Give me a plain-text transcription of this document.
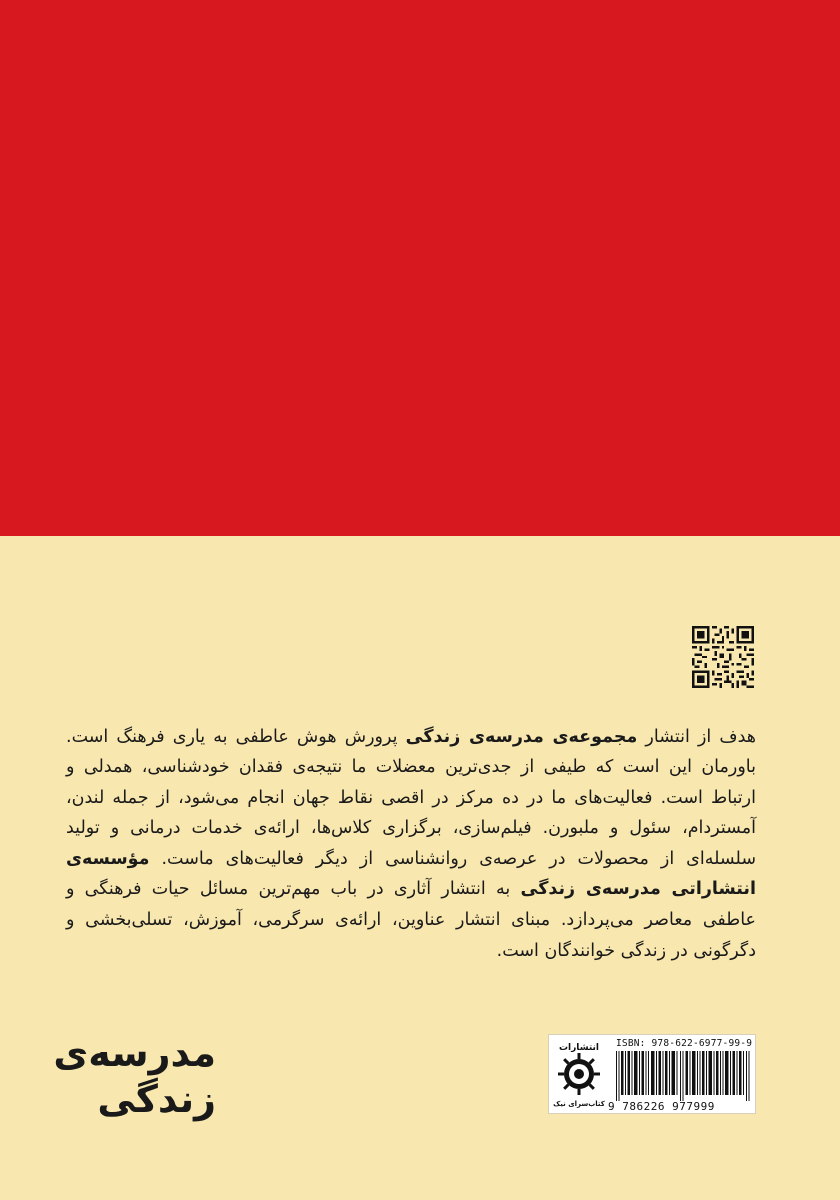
هدف از انتشار مجموعه‌ی مدرسه‌ی زندگی پرورش هوش عاطفی به یاری فرهنگ است. باورمان این است که طیفی از جدی‌ترین معضلات ما نتیجه‌ی فقدان خودشناسی، همدلی و ارتباط است. فعالیت‌های ما در ده مرکز در اقصی نقاط جهان انجام می‌شود، از جمله لندن، آمستردام، سئول و ملبورن. فیلم‌سازی، برگزاری کلاس‌ها، ارائه‌ی خدمات درمانی و تولید سلسله‌ای از محصولات در عرصه‌ی روانشناسی از دیگر فعالیت‌های ماست. مؤسسه‌ی انتشاراتی مدرسه‌ی زندگی به انتشار آثاری در باب مهم‌ترین مسائل حیات فرهنگی و عاطفی معاصر می‌پردازد. مبنای انتشار عناوین، ارائه‌ی سرگرمی، آموزش، تسلی‌بخشی و دگرگونی در زندگی خوانندگان است.

مدرسه‌ی
زندگی
انتشارات
کتاب‌سرای نیک
ISBN: 978-622-6977-99-9
9 786226 977999
